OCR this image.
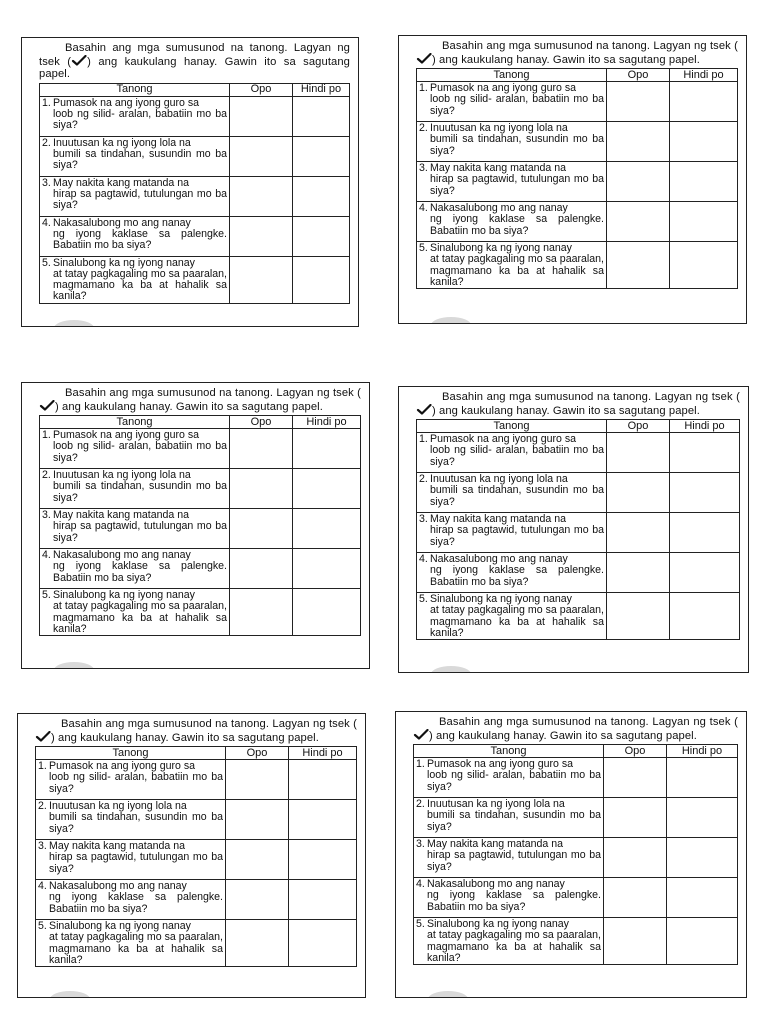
Basahin ang mga sumusunod na tanong. Lagyan ng tsek ( ) ang kaukulang hanay. Gawin ito sa sagutang papel.

Tanong	Opo	Hindi po
1. Pumasok na ang iyong guro sa
loob ng silid- aralan, babatiin mo ba siya?		

2. Inuutusan ka ng iyong lola na
bumili sa tindahan, susundin mo ba siya?		

3. May nakita kang matanda na
hirap sa pagtawid, tutulungan mo ba siya?		

4. Nakasalubong mo ang nanay
ng iyong kaklase sa palengke. Babatiin mo ba siya?		

5. Sinalubong ka ng iyong nanay
at tatay pagkagaling mo sa paaralan, magmamano ka ba at hahalik sa kanila?		

Basahin ang mga sumusunod na tanong. Lagyan ng tsek (
) ang kaukulang hanay. Gawin ito sa sagutang papel.

Tanong	Opo	Hindi po
1. Pumasok na ang iyong guro sa
loob ng silid- aralan, babatiin mo ba siya?		

2. Inuutusan ka ng iyong lola na
bumili sa tindahan, susundin mo ba siya?		

3. May nakita kang matanda na
hirap sa pagtawid, tutulungan mo ba siya?		

4. Nakasalubong mo ang nanay
ng iyong kaklase sa palengke. Babatiin mo ba siya?		

5. Sinalubong ka ng iyong nanay
at tatay pagkagaling mo sa paaralan, magmamano ka ba at hahalik sa kanila?		

Basahin ang mga sumusunod na tanong. Lagyan ng tsek (
) ang kaukulang hanay. Gawin ito sa sagutang papel.

Tanong	Opo	Hindi po
1. Pumasok na ang iyong guro sa
loob ng silid- aralan, babatiin mo ba siya?		

2. Inuutusan ka ng iyong lola na
bumili sa tindahan, susundin mo ba siya?		

3. May nakita kang matanda na
hirap sa pagtawid, tutulungan mo ba siya?		

4. Nakasalubong mo ang nanay
ng iyong kaklase sa palengke. Babatiin mo ba siya?		

5. Sinalubong ka ng iyong nanay
at tatay pagkagaling mo sa paaralan, magmamano ka ba at hahalik sa kanila?		

Basahin ang mga sumusunod na tanong. Lagyan ng tsek (
) ang kaukulang hanay. Gawin ito sa sagutang papel.

Tanong	Opo	Hindi po
1. Pumasok na ang iyong guro sa
loob ng silid- aralan, babatiin mo ba siya?		

2. Inuutusan ka ng iyong lola na
bumili sa tindahan, susundin mo ba siya?		

3. May nakita kang matanda na
hirap sa pagtawid, tutulungan mo ba siya?		

4. Nakasalubong mo ang nanay
ng iyong kaklase sa palengke. Babatiin mo ba siya?		

5. Sinalubong ka ng iyong nanay
at tatay pagkagaling mo sa paaralan, magmamano ka ba at hahalik sa kanila?		

Basahin ang mga sumusunod na tanong. Lagyan ng tsek (
) ang kaukulang hanay. Gawin ito sa sagutang papel.

Tanong	Opo	Hindi po
1. Pumasok na ang iyong guro sa
loob ng silid- aralan, babatiin mo ba siya?		

2. Inuutusan ka ng iyong lola na
bumili sa tindahan, susundin mo ba siya?		

3. May nakita kang matanda na
hirap sa pagtawid, tutulungan mo ba siya?		

4. Nakasalubong mo ang nanay
ng iyong kaklase sa palengke. Babatiin mo ba siya?		

5. Sinalubong ka ng iyong nanay
at tatay pagkagaling mo sa paaralan, magmamano ka ba at hahalik sa kanila?		

Basahin ang mga sumusunod na tanong. Lagyan ng tsek (
) ang kaukulang hanay. Gawin ito sa sagutang papel.

Tanong	Opo	Hindi po
1. Pumasok na ang iyong guro sa
loob ng silid- aralan, babatiin mo ba siya?		

2. Inuutusan ka ng iyong lola na
bumili sa tindahan, susundin mo ba siya?		

3. May nakita kang matanda na
hirap sa pagtawid, tutulungan mo ba siya?		

4. Nakasalubong mo ang nanay
ng iyong kaklase sa palengke. Babatiin mo ba siya?		

5. Sinalubong ka ng iyong nanay
at tatay pagkagaling mo sa paaralan, magmamano ka ba at hahalik sa kanila?		
